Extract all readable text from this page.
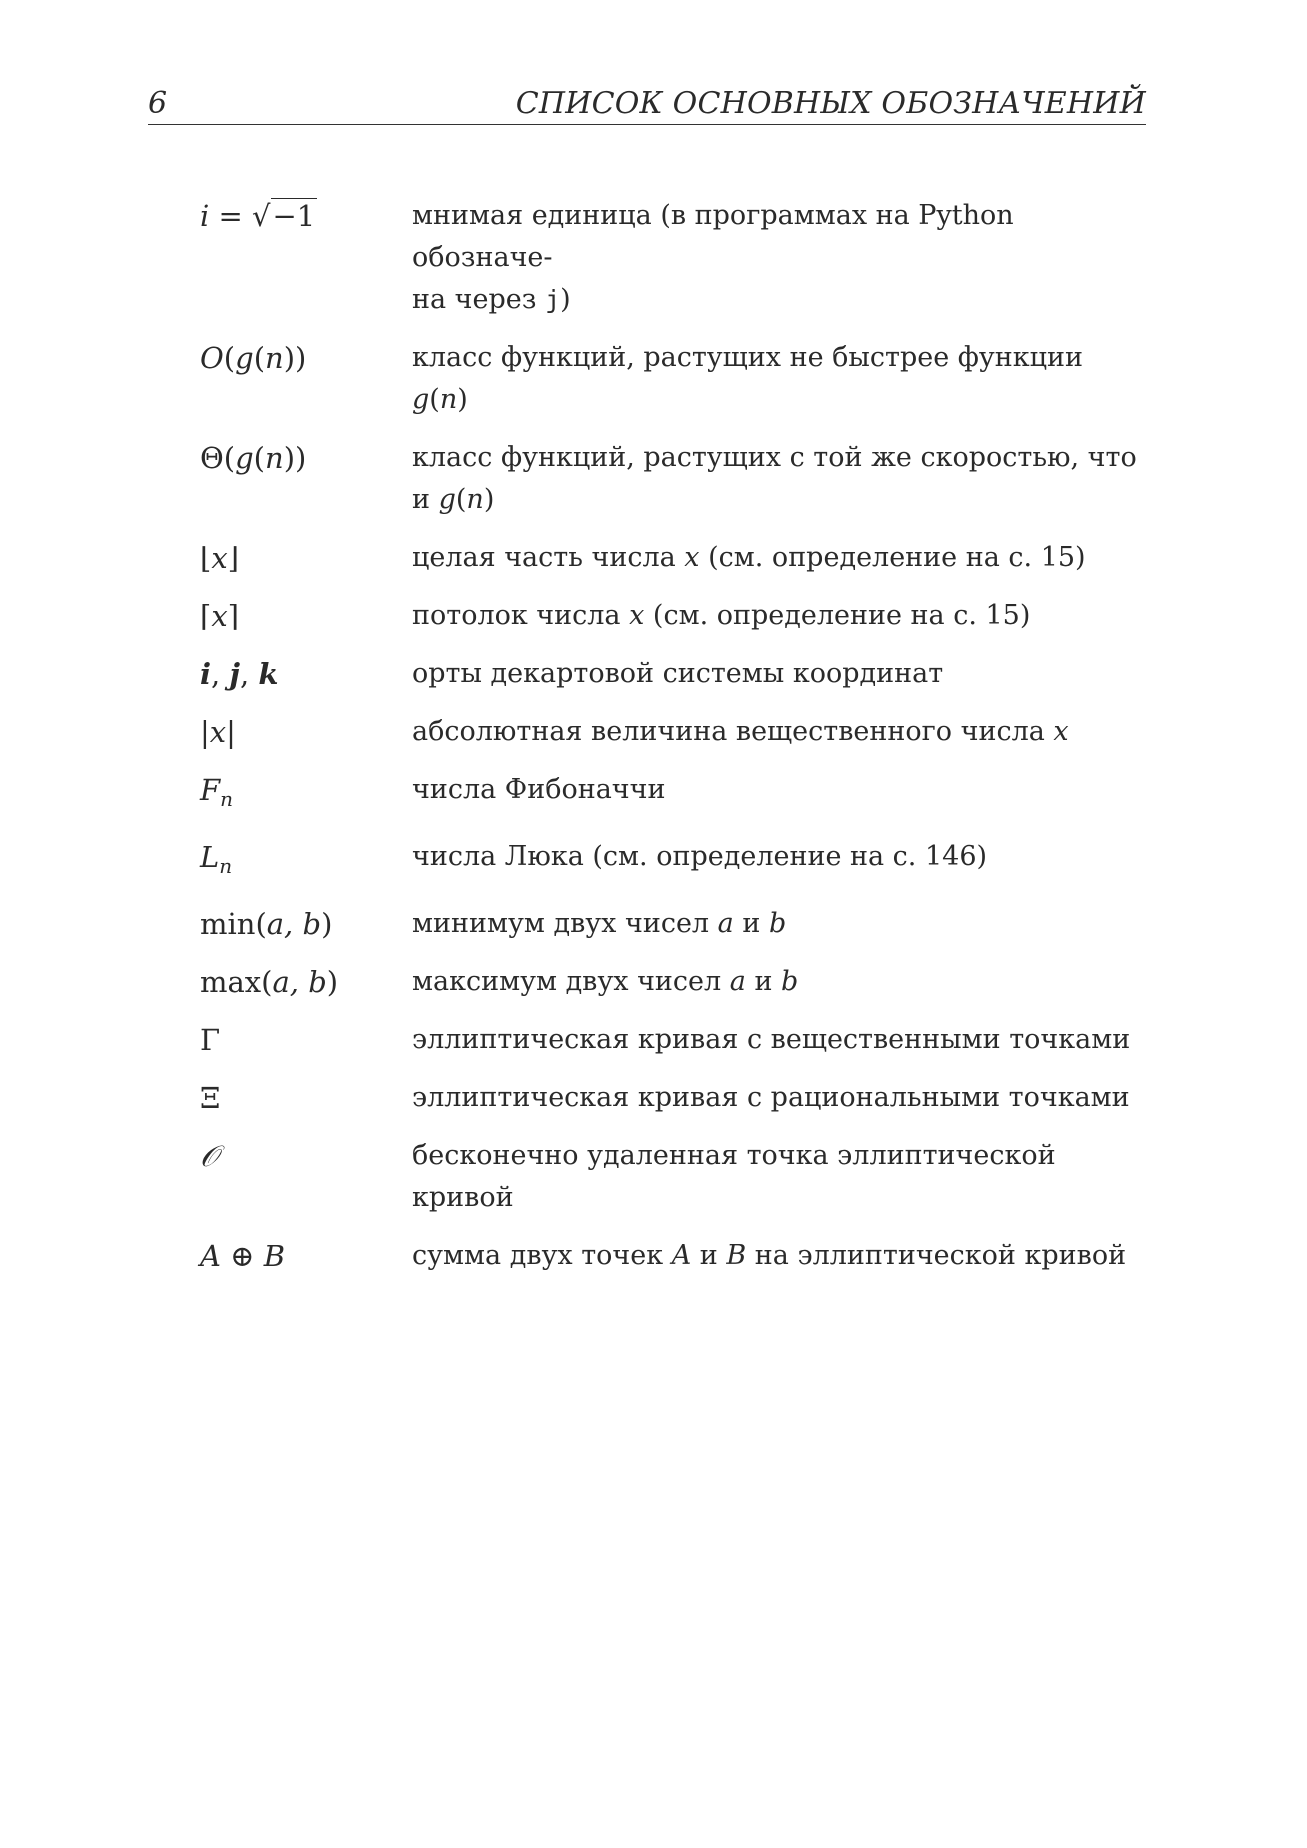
6	СПИСОК ОСНОВНЫХ ОБОЗНАЧЕНИЙ
i = √−1	мнимая единица (в программах на Python обозначе-
на через j)
O(g(n))	класс функций, растущих не быстрее функции g(n)
Θ(g(n))	класс функций, растущих с той же скоростью, что
и g(n)
⌊x⌋	целая часть числа x (см. определение на с. 15)
⌈x⌉	потолок числа x (см. определение на с. 15)
i, j, k	орты декартовой системы координат
|x|	абсолютная величина вещественного числа x
$F_n$	числа Фибоначчи
$L_n$	числа Люка (см. определение на с. 146)
min(a, b)	минимум двух чисел a и b
max(a, b)	максимум двух чисел a и b
Γ	эллиптическая кривая с вещественными точками
Ξ	эллиптическая кривая с рациональными точками
𝒪	бесконечно удаленная точка эллиптической кривой
A ⊕ B	сумма двух точек A и B на эллиптической кривой
